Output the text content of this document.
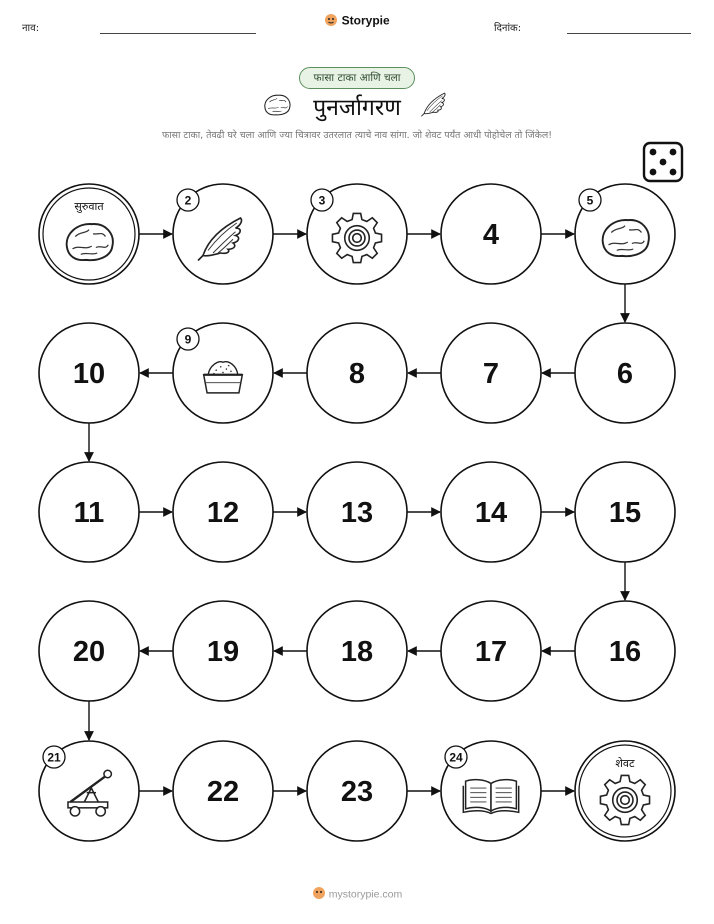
नाव:
Storypie
दिनांक:
फासा टाका आणि चला
पुनर्जागरण
फासा टाका, तेवढी घरे चला आणि ज्या चित्रावर उतरलात त्याचे नाव सांगा. जो शेवट पर्यंत आधी पोहोचेल तो जिंकेल!
सुरुवात	2	3
4
5
6
7
8
9
10
11	12	13	14	15
16
17
18
19
20
21
22	23
24	शेवट
mystorypie.com
